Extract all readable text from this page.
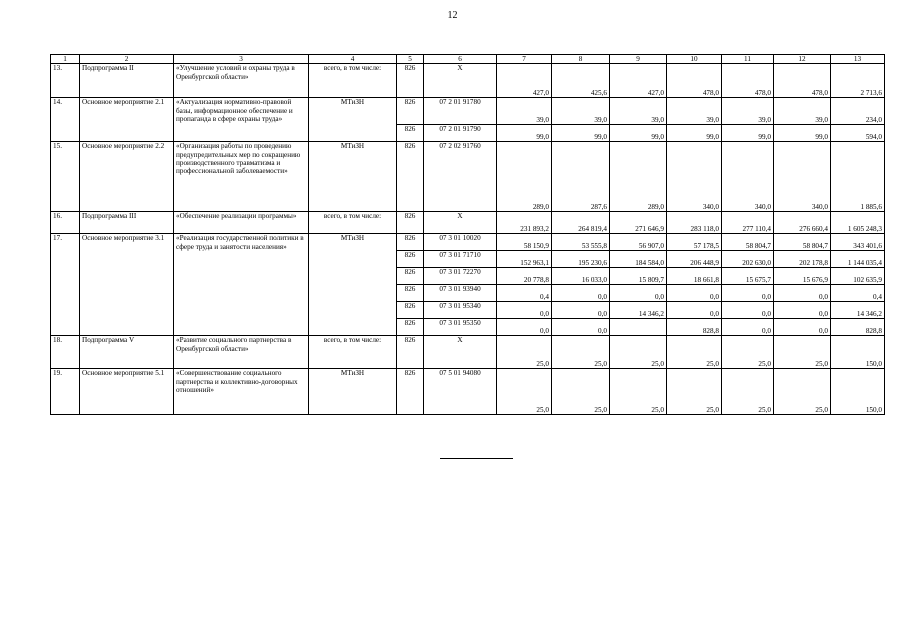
12
1	2	3	4	5	6	7	8	9	10	11	12	13
13.	Подпрограмма II	«Улучшение условий и охраны труда в Оренбургской области»	всего, в том числе:	826	Х	427,0	425,6	427,0	478,0	478,0	478,0	2 713,6
14.	Основное мероприятие 2.1	«Актуализация нормативно-правовой базы, информационное обеспечение и пропаганда в сфере охраны труда»	МТиЗН	826	07 2 01 91780	39,0	39,0	39,0	39,0	39,0	39,0	234,0
				826	07 2 01 91790	99,0	99,0	99,0	99,0	99,0	99,0	594,0
15.	Основное мероприятие 2.2	«Организация работы по проведению предупредительных мер по сокращению производственного травматизма и профессиональной заболеваемости»	МТиЗН	826	07 2 02 91760	289,0	287,6	289,0	340,0	340,0	340,0	1 885,6
16.	Подпрограмма III	«Обеспечение реализации программы»	всего, в том числе:	826	Х	231 893,2	264 819,4	271 646,9	283 118,0	277 110,4	276 660,4	1 605 248,3
17.	Основное мероприятие 3.1	«Реализация государственной политики в сфере труда и занятости населения»	МТиЗН	826	07 3 01 10020	58 150,9	53 555,8	56 907,0	57 178,5	58 804,7	58 804,7	343 401,6
				826	07 3 01 71710	152 963,1	195 230,6	184 584,0	206 448,9	202 630,0	202 178,8	1 144 035,4
				826	07 3 01 72270	20 778,8	16 033,0	15 809,7	18 661,8	15 675,7	15 676,9	102 635,9
				826	07 3 01 93940	0,4	0,0	0,0	0,0	0,0	0,0	0,4
				826	07 3 01 95340	0,0	0,0	14 346,2	0,0	0,0	0,0	14 346,2
				826	07 3 01 95350	0,0	0,0		828,8	0,0	0,0	828,8
18.	Подпрограмма V	«Развитие социального партнерства в Оренбургской области»	всего, в том числе:	826	Х	25,0	25,0	25,0	25,0	25,0	25,0	150,0
19.	Основное мероприятие 5.1	«Совершенствование социального партнерства и коллективно-договорных отношений»	МТиЗН	826	07 5 01 94080	25,0	25,0	25,0	25,0	25,0	25,0	150,0
